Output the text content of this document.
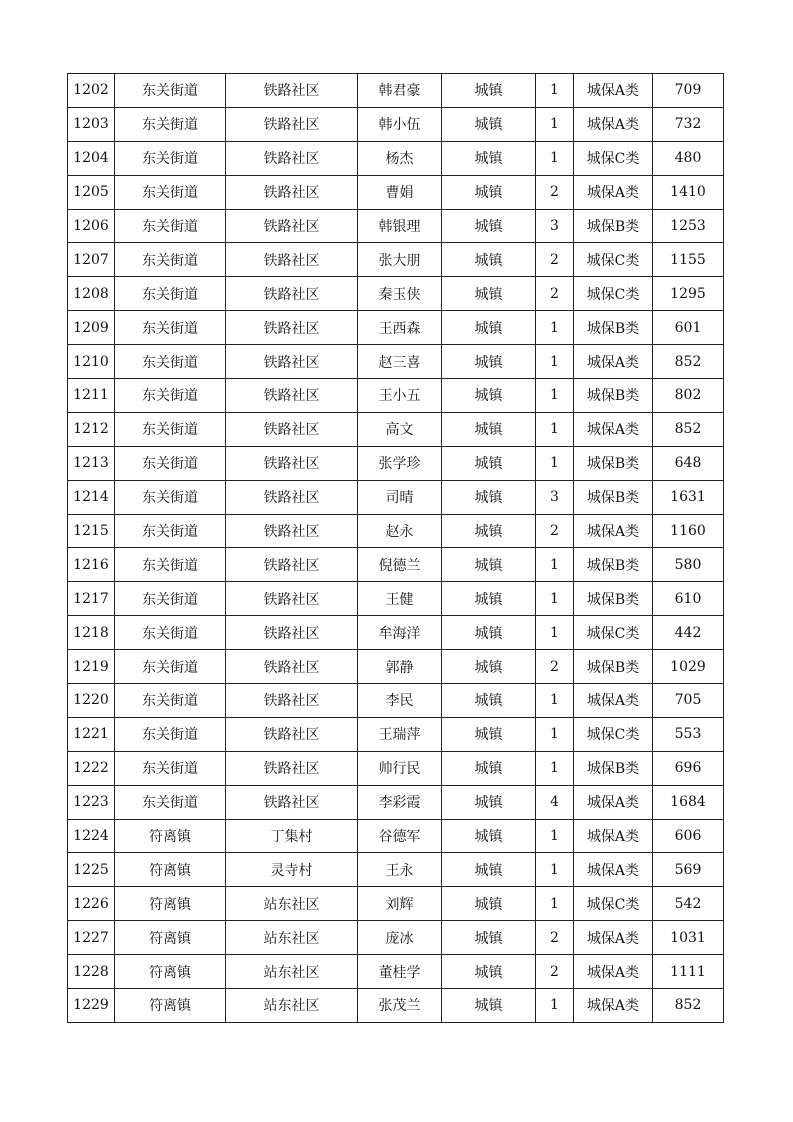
1202	东关街道	铁路社区	韩君豪	城镇	1	城保A类	709
1203	东关街道	铁路社区	韩小伍	城镇	1	城保A类	732
1204	东关街道	铁路社区	杨杰	城镇	1	城保C类	480
1205	东关街道	铁路社区	曹娟	城镇	2	城保A类	1410
1206	东关街道	铁路社区	韩银理	城镇	3	城保B类	1253
1207	东关街道	铁路社区	张大朋	城镇	2	城保C类	1155
1208	东关街道	铁路社区	秦玉侠	城镇	2	城保C类	1295
1209	东关街道	铁路社区	王西森	城镇	1	城保B类	601
1210	东关街道	铁路社区	赵三喜	城镇	1	城保A类	852
1211	东关街道	铁路社区	王小五	城镇	1	城保B类	802
1212	东关街道	铁路社区	高文	城镇	1	城保A类	852
1213	东关街道	铁路社区	张学珍	城镇	1	城保B类	648
1214	东关街道	铁路社区	司晴	城镇	3	城保B类	1631
1215	东关街道	铁路社区	赵永	城镇	2	城保A类	1160
1216	东关街道	铁路社区	倪德兰	城镇	1	城保B类	580
1217	东关街道	铁路社区	王健	城镇	1	城保B类	610
1218	东关街道	铁路社区	牟海洋	城镇	1	城保C类	442
1219	东关街道	铁路社区	郭静	城镇	2	城保B类	1029
1220	东关街道	铁路社区	李民	城镇	1	城保A类	705
1221	东关街道	铁路社区	王瑞萍	城镇	1	城保C类	553
1222	东关街道	铁路社区	帅行民	城镇	1	城保B类	696
1223	东关街道	铁路社区	李彩霞	城镇	4	城保A类	1684
1224	符离镇	丁集村	谷德军	城镇	1	城保A类	606
1225	符离镇	灵寺村	王永	城镇	1	城保A类	569
1226	符离镇	站东社区	刘辉	城镇	1	城保C类	542
1227	符离镇	站东社区	庞冰	城镇	2	城保A类	1031
1228	符离镇	站东社区	董桂学	城镇	2	城保A类	1111
1229	符离镇	站东社区	张茂兰	城镇	1	城保A类	852
